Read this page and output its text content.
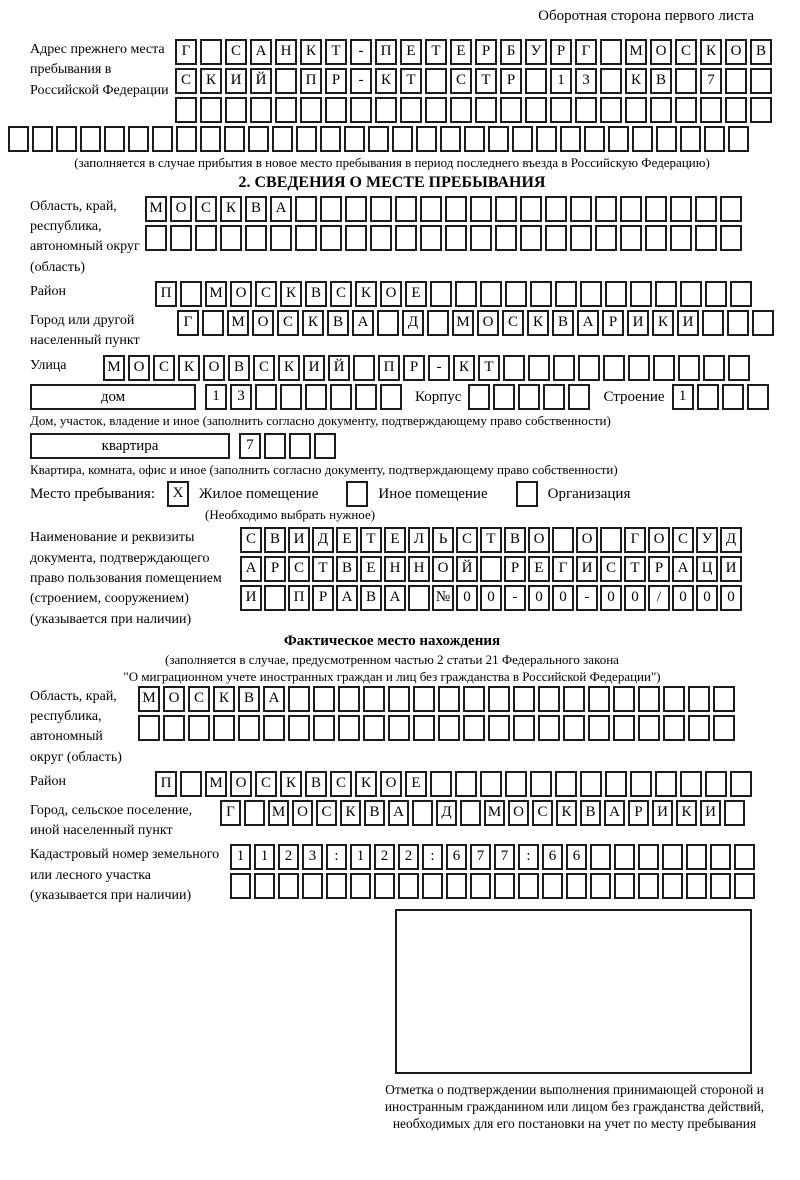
Оборотная сторона первого листа
Адрес прежнего места пребывания в Российской Федерации
Г	С А Н К	Т	-	П Е	Т	Е	Р	Б	У	Р	Г	М О С К О В
С К И Й	П	Р	-	К	Т	С	Т	Р	1	3	К В	7
(заполняется в случае прибытия в новое место пребывания в период последнего въезда в Российскую Федерацию)
2. СВЕДЕНИЯ О МЕСТЕ ПРЕБЫВАНИЯ
Область, край, республика, автономный округ (область)
М О С К В А
Район	П	М О С К В С К О Е
Город или другой населенный пункт
Г	М О С К В А	Д	М О С К В А	Р	И К И
Улица	М О С К О В С К И Й	П	Р	-	К	Т
дом	1	3	Корпус	Строение 1
Дом, участок, владение и иное (заполнить согласно документу, подтверждающему право собственности)
квартира	7
Квартира, комната, офис и иное (заполнить согласно документу, подтверждающему право собственности)
Место пребывания:	X	Жилое помещение	Иное помещение	Организация
(Необходимо выбрать нужное)
Наименование и реквизиты документа, подтверждающего право пользования помещением (строением, сооружением) (указывается при наличии)
С В И Д Е Т Е Л Ь С Т В О	О	Г О С У Д
А Р С Т В Е Н Н О Й	Р	Е	Г И С Т	Р А Ц И
И	П Р А В А	№ 0	0	-	0	0	-	0	0	/	0	0	0
Фактическое место нахождения
(заполняется в случае, предусмотренном частью 2 статьи 21 Федерального закона
"О миграционном учете иностранных граждан и лиц без гражданства в Российской Федерации")
Область, край, республика, автономный округ (область)
М О С К В А
Район	П	М О С К В С К О Е
Город, сельское поселение, иной населенный пункт
Г	М О С К В А	Д	М О С К В А Р И К И
Кадастровый номер земельного или лесного участка (указывается при наличии)
1	1	2	3	:	1	2	2	:	6	7	7	:	6	6
Отметка о подтверждении выполнения принимающей стороной и иностранным гражданином или лицом без гражданства действий, необходимых для его постановки на учет по месту пребывания
